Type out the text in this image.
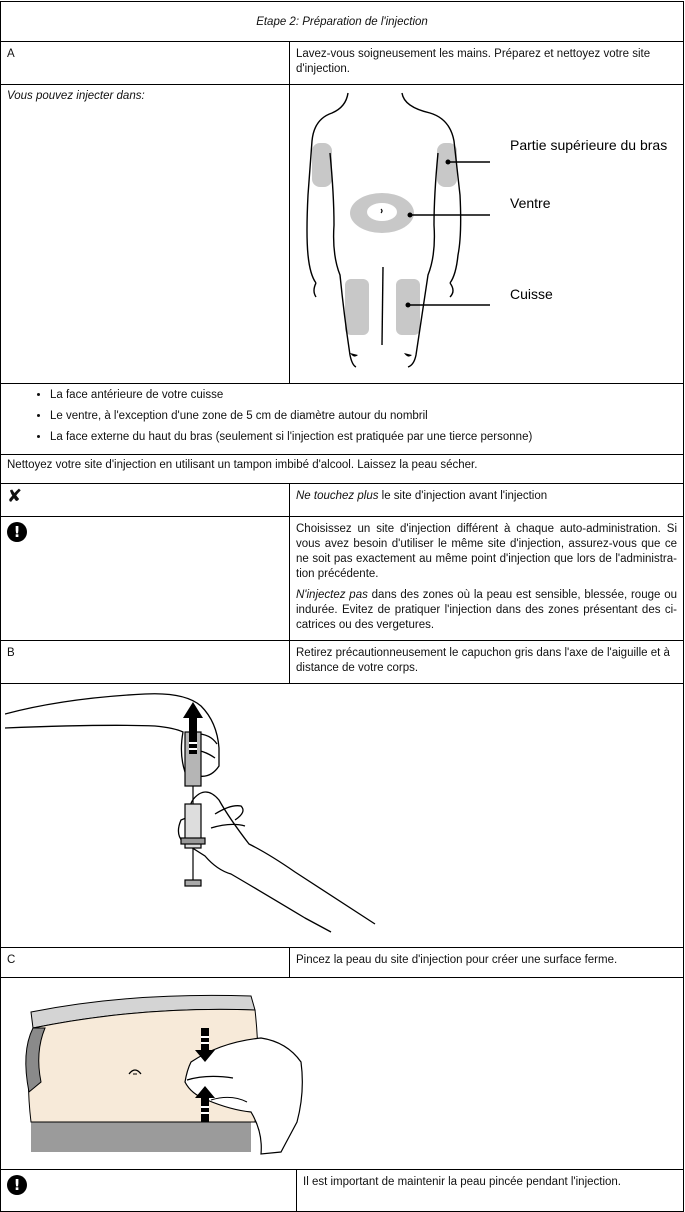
Etape 2: Préparation de l'injection
A	Lavez-vous soigneusement les mains. Préparez et nettoyez votre site d'injection.
Vous pouvez injecter dans:
Partie supérieure du bras
Ventre
Cuisse
• La face antérieure de votre cuisse
• Le ventre, à l'exception d'une zone de 5 cm de diamètre autour du nombril
• La face externe du haut du bras (seulement si l'injection est pratiquée par une tierce personne)
Nettoyez votre site d'injection en utilisant un tampon imbibé d'alcool. Laissez la peau sécher.
✘	Ne touchez plus le site d'injection avant l'injection
!	Choisissez un site d'injection différent à chaque auto-administration. Si vous avez besoin d'utiliser le même site d'injection, assurez-vous que ce ne soit pas exactement au même point d'injection que lors de l'administra-tion précédente.

N'injectez pas dans des zones où la peau est sensible, blessée, rouge ou indurée. Evitez de pratiquer l'injection dans des zones présentant des ci-catrices ou des vergetures.

B	Retirez précautionneusement le capuchon gris dans l'axe de l'aiguille et à distance de votre corps.
C	Pincez la peau du site d'injection pour créer une surface ferme.
!	Il est important de maintenir la peau pincée pendant l'injection.
